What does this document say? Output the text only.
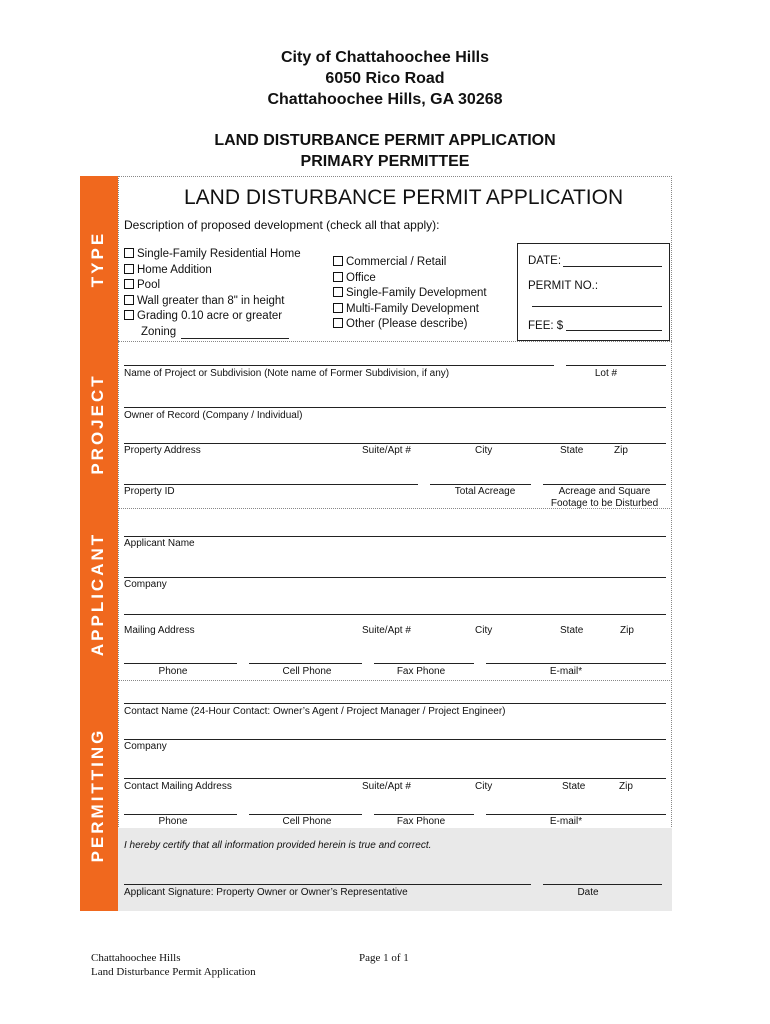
City of Chattahoochee Hills
6050 Rico Road
Chattahoochee Hills, GA 30268
LAND DISTURBANCE PERMIT APPLICATION
PRIMARY PERMITTEE
TYPE
PROJECT
APPLICANT
PERMITTING
LAND DISTURBANCE PERMIT APPLICATION
Description of proposed development (check all that apply):
Single-Family Residential Home
Home Addition
Pool
Wall greater than 8" in height
Grading 0.10 acre or greater
Zoning
Commercial / Retail
Office
Single-Family Development
Multi-Family Development
Other (Please describe)
DATE:
PERMIT NO.:
FEE: $
Name of Project or Subdivision (Note name of Former Subdivision, if any)	Lot #
Owner of Record (Company / Individual)
Property Address	Suite/Apt #	City	State	Zip
Property ID	Total Acreage	Acreage and Square
Footage to be Disturbed
Applicant Name
Company
Mailing Address	Suite/Apt #	City	State	Zip
Phone	Cell Phone	Fax Phone	E-mail*
Contact Name (24-Hour Contact: Owner’s Agent / Project Manager / Project Engineer)
Company
Contact Mailing Address	Suite/Apt #	City	State	Zip
Phone	Cell Phone	Fax Phone	E-mail*
I hereby certify that all information provided herein is true and correct.
Applicant Signature: Property Owner or Owner’s Representative	Date
Chattahoochee Hills
Land Disturbance Permit Application
Page 1 of 1
